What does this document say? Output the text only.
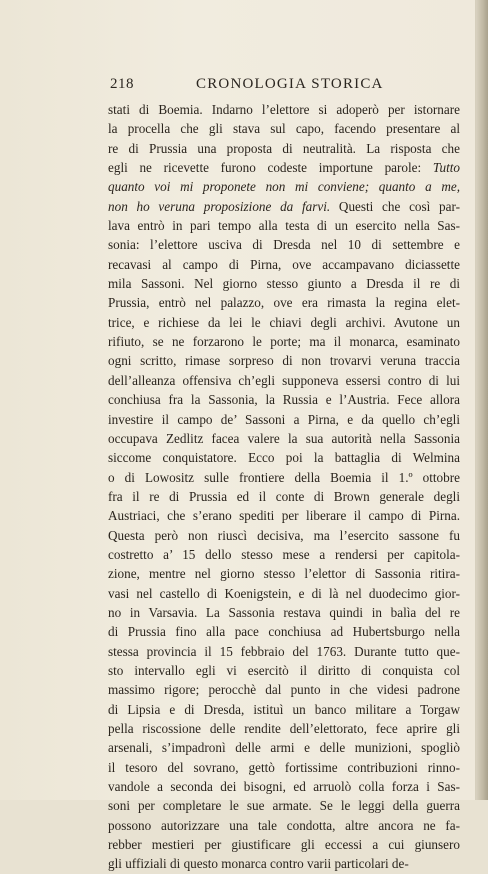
218	CRONOLOGIA STORICA
stati di Boemia. Indarno l’elettore si adoperò per istornare
la procella che gli stava sul capo, facendo presentare al
re di Prussia una proposta di neutralità. La risposta che
egli ne ricevette furono codeste importune parole: Tutto
quanto voi mi proponete non mi conviene; quanto a me,
non ho veruna proposizione da farvi. Questi che così par-
lava entrò in pari tempo alla testa di un esercito nella Sas-
sonia: l’elettore usciva di Dresda nel 10 di settembre e
recavasi al campo di Pirna, ove accampavano diciassette
mila Sassoni. Nel giorno stesso giunto a Dresda il re di
Prussia, entrò nel palazzo, ove era rimasta la regina elet-
trice, e richiese da lei le chiavi degli archivi. Avutone un
rifiuto, se ne forzarono le porte; ma il monarca, esaminato
ogni scritto, rimase sorpreso di non trovarvi veruna traccia
dell’alleanza offensiva ch’egli supponeva essersi contro di lui
conchiusa fra la Sassonia, la Russia e l’Austria. Fece allora
investire il campo de’ Sassoni a Pirna, e da quello ch’egli
occupava Zedlitz facea valere la sua autorità nella Sassonia
siccome conquistatore. Ecco poi la battaglia di Welmina
o di Lowositz sulle frontiere della Boemia il 1.º ottobre
fra il re di Prussia ed il conte di Brown generale degli
Austriaci, che s’erano spediti per liberare il campo di Pirna.
Questa però non riuscì decisiva, ma l’esercito sassone fu
costretto a’ 15 dello stesso mese a rendersi per capitola-
zione, mentre nel giorno stesso l’elettor di Sassonia ritira-
vasi nel castello di Koenigstein, e di là nel duodecimo gior-
no in Varsavia. La Sassonia restava quindi in balìa del re
di Prussia fino alla pace conchiusa ad Hubertsburgo nella
stessa provincia il 15 febbraio del 1763. Durante tutto que-
sto intervallo egli vi esercitò il diritto di conquista col
massimo rigore; perocchè dal punto in che videsi padrone
di Lipsia e di Dresda, istituì un banco militare a Torgaw
pella riscossione delle rendite dell’elettorato, fece aprire gli
arsenali, s’impadronì delle armi e delle munizioni, spogliò
il tesoro del sovrano, gettò fortissime contribuzioni rinno-
vandole a seconda dei bisogni, ed arruolò colla forza i Sas-
soni per completare le sue armate. Se le leggi della guerra
possono autorizzare una tale condotta, altre ancora ne fa-
rebber mestieri per giustificare gli eccessi a cui giunsero
gli uffiziali di questo monarca contro varii particolari de-
